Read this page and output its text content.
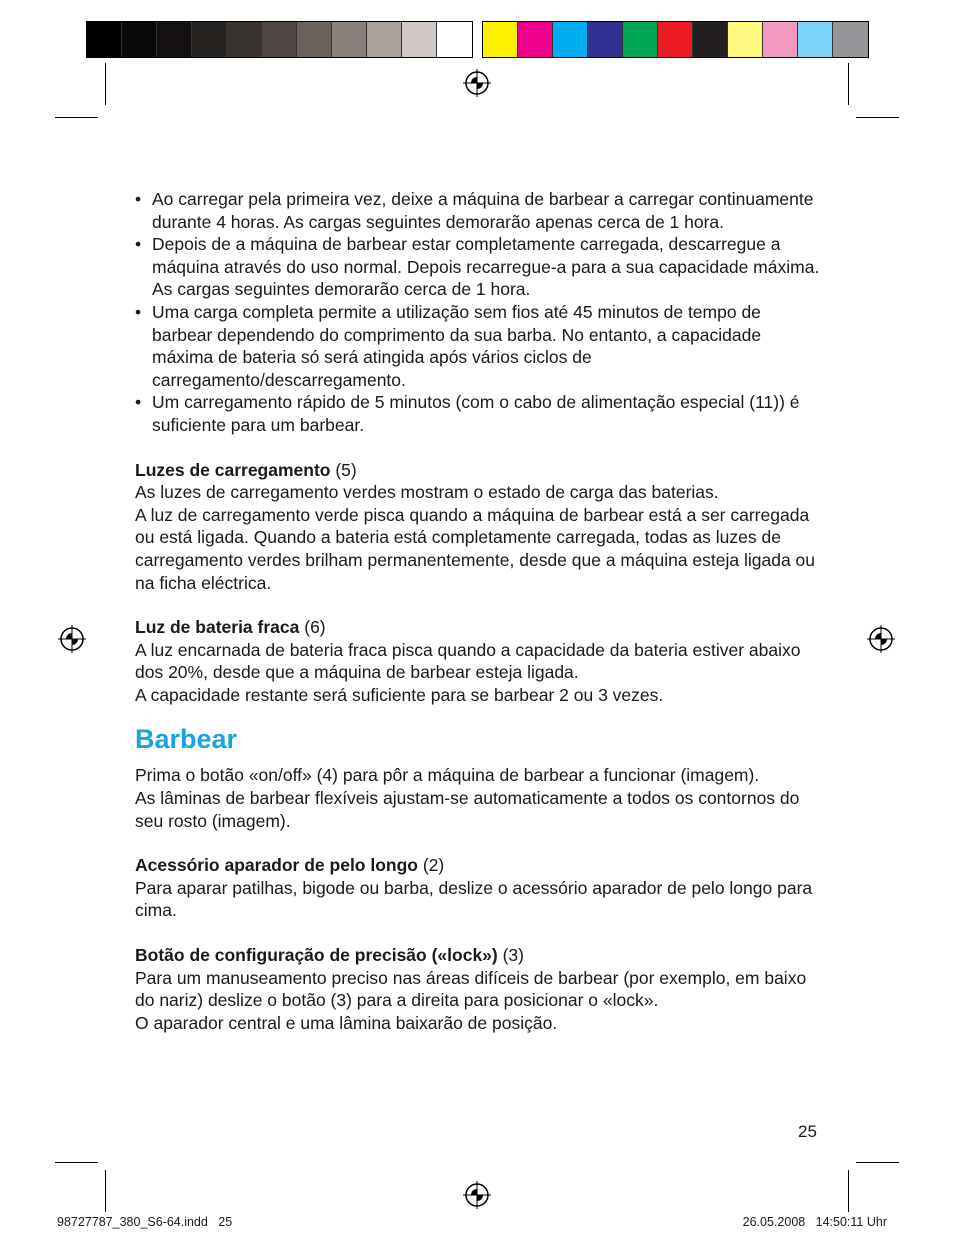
• Ao carregar pela primeira vez, deixe a máquina de barbear a carregar continuamente durante 4 horas. As cargas seguintes demorarão apenas cerca de 1 hora.
• Depois de a máquina de barbear estar completamente carregada, descarregue a máquina através do uso normal. Depois recarregue-a para a sua capacidade máxima. As cargas seguintes demorarão cerca de 1 hora.
• Uma carga completa permite a utilização sem fios até 45 minutos de tempo de barbear dependendo do comprimento da sua barba. No entanto, a capacidade máxima de bateria só será atingida após vários ciclos de carregamento/descarregamento.
• Um carregamento rápido de 5 minutos (com o cabo de alimentação especial (11)) é suficiente para um barbear.

Luzes de carregamento (5)

As luzes de carregamento verdes mostram o estado de carga das baterias.

A luz de carregamento verde pisca quando a máquina de barbear está a ser carregada ou está ligada. Quando a bateria está completamente carregada, todas as luzes de carregamento verdes brilham permanentemente, desde que a máquina esteja ligada ou na ficha eléctrica.

Luz de bateria fraca (6)

A luz encarnada de bateria fraca pisca quando a capacidade da bateria estiver abaixo dos 20%, desde que a máquina de barbear esteja ligada.

A capacidade restante será suficiente para se barbear 2 ou 3 vezes.

Barbear

Prima o botão «on/off» (4) para pôr a máquina de barbear a funcionar (imagem).

As lâminas de barbear flexíveis ajustam-se automaticamente a todos os contornos do seu rosto (imagem).

Acessório aparador de pelo longo (2)

Para aparar patilhas, bigode ou barba, deslize o acessório aparador de pelo longo para cima.

Botão de configuração de precisão («lock») (3)

Para um manuseamento preciso nas áreas difíceis de barbear (por exemplo, em baixo do nariz) deslize o botão (3) para a direita para posicionar o «lock».

O aparador central e uma lâmina baixarão de posição.

25
98727787_380_S6-64.indd   25	26.05.2008   14:50:11 Uhr
